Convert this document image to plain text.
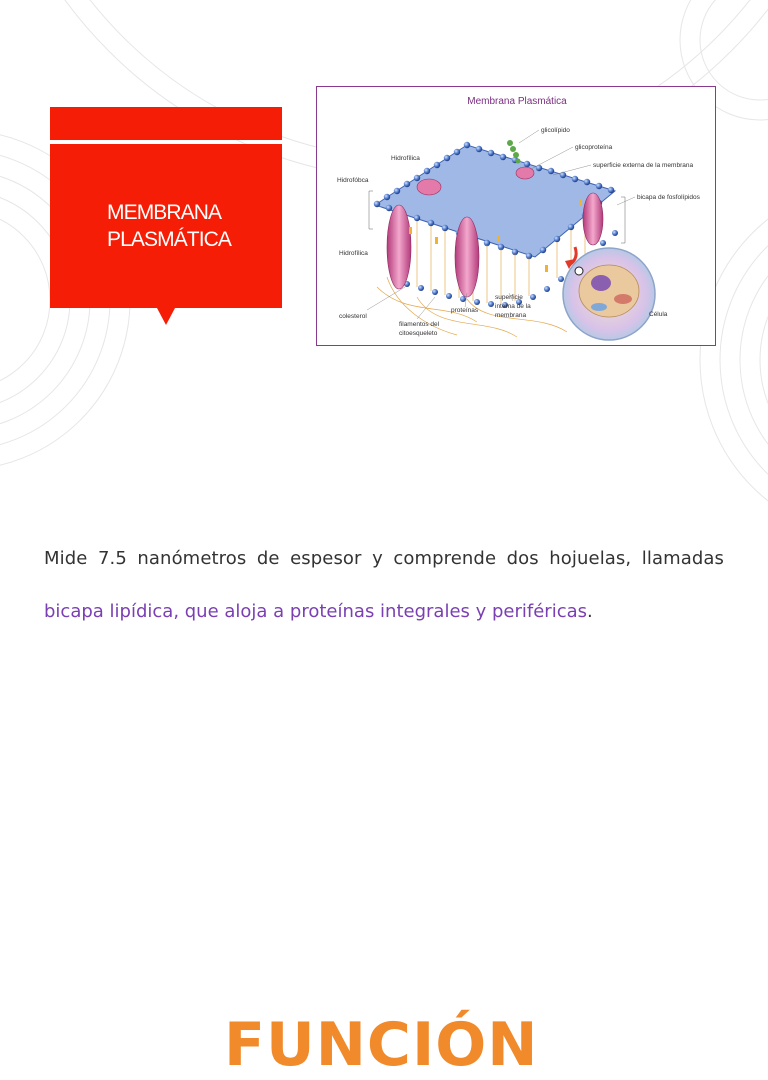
MEMBRANA
PLASMÁTICA
Membrana Plasmática
glicolípido
glicoproteína
superficie externa de la membrana
bicapa de fosfolípidos
Hidrofílica
Hidrofóbca
Hidrofílica
colesterol
filamentos del
citoesqueleto
proteínas
superficie
interna de la
membrana	Célula
Mide 7.5 nanómetros de espesor y comprende dos hojuelas, llamadas
bicapa lipídica, que aloja a proteínas integrales y periféricas.
FUNCIÓN
